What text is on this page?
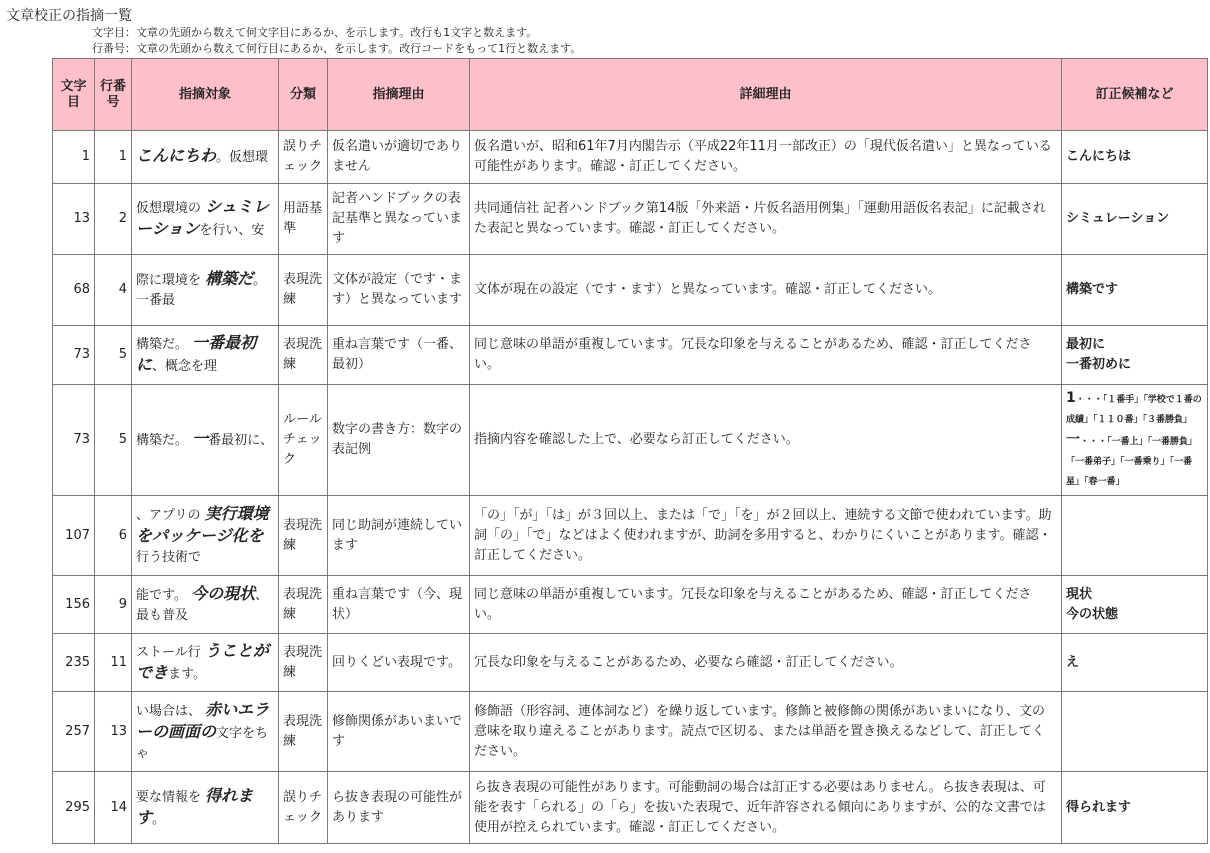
文章校正の指摘一覧
文字目：文章の先頭から数えて何文字目にあるか、を示します。改行も1文字と数えます。
行番号：文章の先頭から数えて何行目にあるか、を示します。改行コードをもって1行と数えます。
文字目	行番号	指摘対象	分類	指摘理由	詳細理由	訂正候補など
1	1	こんにちわ。仮想環	誤りチェック	仮名遣いが適切でありません	仮名遣いが、昭和61年7月内閣告示（平成22年11月一部改正）の「現代仮名遣い」と異なっている可能性があります。確認・訂正してください。	こんにちは
13	2	仮想環境の シュミレーションを行い、安	用語基準	記者ハンドブックの表記基準と異なっています	共同通信社 記者ハンドブック第14版「外来語・片仮名語用例集」「運動用語仮名表記」に記載された表記と異なっています。確認・訂正してください。	シミュレーション
68	4	際に環境を 構築だ。一番最	表現洗練	文体が設定（です・ます）と異なっています	文体が現在の設定（です・ます）と異なっています。確認・訂正してください。	構築です
73	5	構築だ。 一番最初に、概念を理	表現洗練	重ね言葉です（一番、最初）	同じ意味の単語が重複しています。冗長な印象を与えることがあるため、確認・訂正してください。	最初に
一番初めに

73	5	構築だ。 一番最初に、	ルールチェック	数字の書き方：数字の表記例	指摘内容を確認した上で、必要なら訂正してください。	1・・・「１番手」「学校で１番の成績」「１１０番」「３番勝負」
一・・・「一番上」「一番勝負」「一番弟子」「一番乗り」「一番星」「春一番」

107	6	、アプリの 実行環境をパッケージ化を行う技術で	表現洗練	同じ助詞が連続しています	「の」「が」「は」が３回以上、または「で」「を」が２回以上、連続する文節で使われています。助詞「の」「で」などはよく使われますが、助詞を多用すると、わかりにくいことがあります。確認・訂正してください。	
156	9	能です。 今の現状、最も普及	表現洗練	重ね言葉です（今、現状）	同じ意味の単語が重複しています。冗長な印象を与えることがあるため、確認・訂正してください。	現状
今の状態

235	11	ストール行 うことができます。	表現洗練	回りくどい表現です。	冗長な印象を与えることがあるため、必要なら確認・訂正してください。	え
257	13	い場合は、 赤いエラーの画面の文字をちゃ	表現洗練	修飾関係があいまいです	修飾語（形容詞、連体詞など）を繰り返しています。修飾と被修飾の関係があいまいになり、文の意味を取り違えることがあります。読点で区切る、または単語を置き換えるなどして、訂正してください。	
295	14	要な情報を 得れます。	誤りチェック	ら抜き表現の可能性があります	ら抜き表現の可能性があります。可能動詞の場合は訂正する必要はありません。ら抜き表現は、可能を表す「られる」の「ら」を抜いた表現で、近年許容される傾向にありますが、公的な文書では使用が控えられています。確認・訂正してください。	得られます
